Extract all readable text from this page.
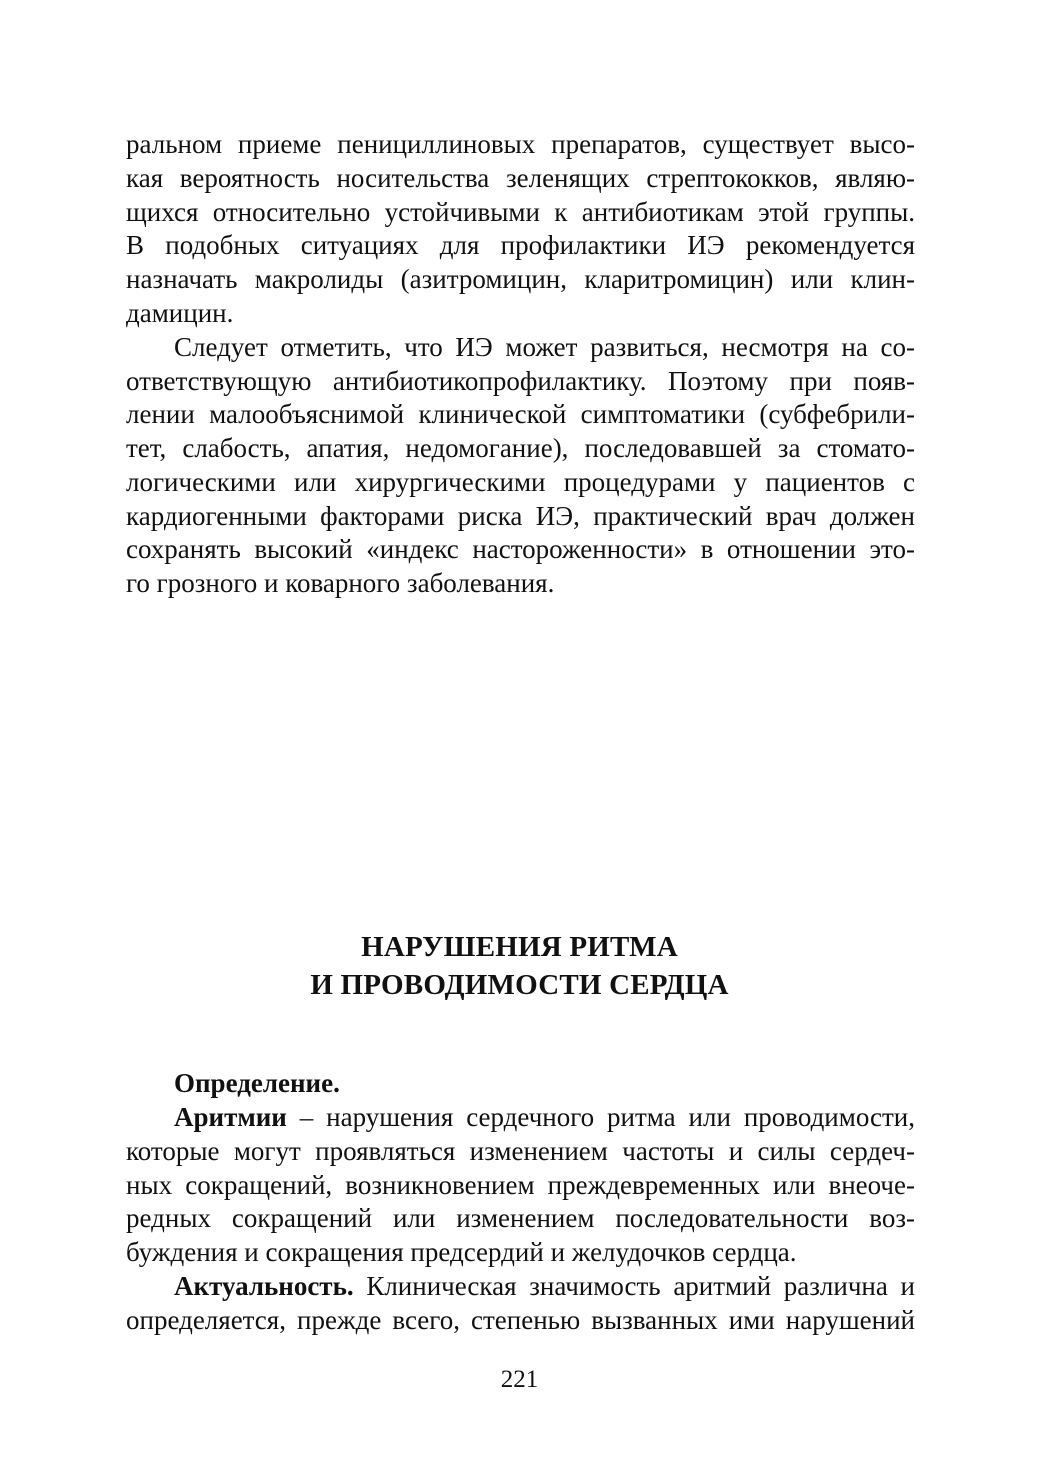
ральном приеме пенициллиновых препаратов, существует высо-
кая вероятность носительства зеленящих стрептококков, являю-
щихся относительно устойчивыми к антибиотикам этой группы.
В подобных ситуациях для профилактики ИЭ рекомендуется
назначать макролиды (азитромицин, кларитромицин) или клин-
дамицин.
Следует отметить, что ИЭ может развиться, несмотря на со-
ответствующую антибиотикопрофилактику. Поэтому при появ-
лении малообъяснимой клинической симптоматики (субфебрили-
тет, слабость, апатия, недомогание), последовавшей за стомато-
логическими или хирургическими процедурами у пациентов с
кардиогенными факторами риска ИЭ, практический врач должен
сохранять высокий «индекс настороженности» в отношении это-
го грозного и коварного заболевания.
НАРУШЕНИЯ РИТМА
И ПРОВОДИМОСТИ СЕРДЦА
Определение.
Аритмии – нарушения сердечного ритма или проводимости,
которые могут проявляться изменением частоты и силы сердеч-
ных сокращений, возникновением преждевременных или внеоче-
редных сокращений или изменением последовательности воз-
буждения и сокращения предсердий и желудочков сердца.
Актуальность. Клиническая значимость аритмий различна и
определяется, прежде всего, степенью вызванных ими нарушений
221
